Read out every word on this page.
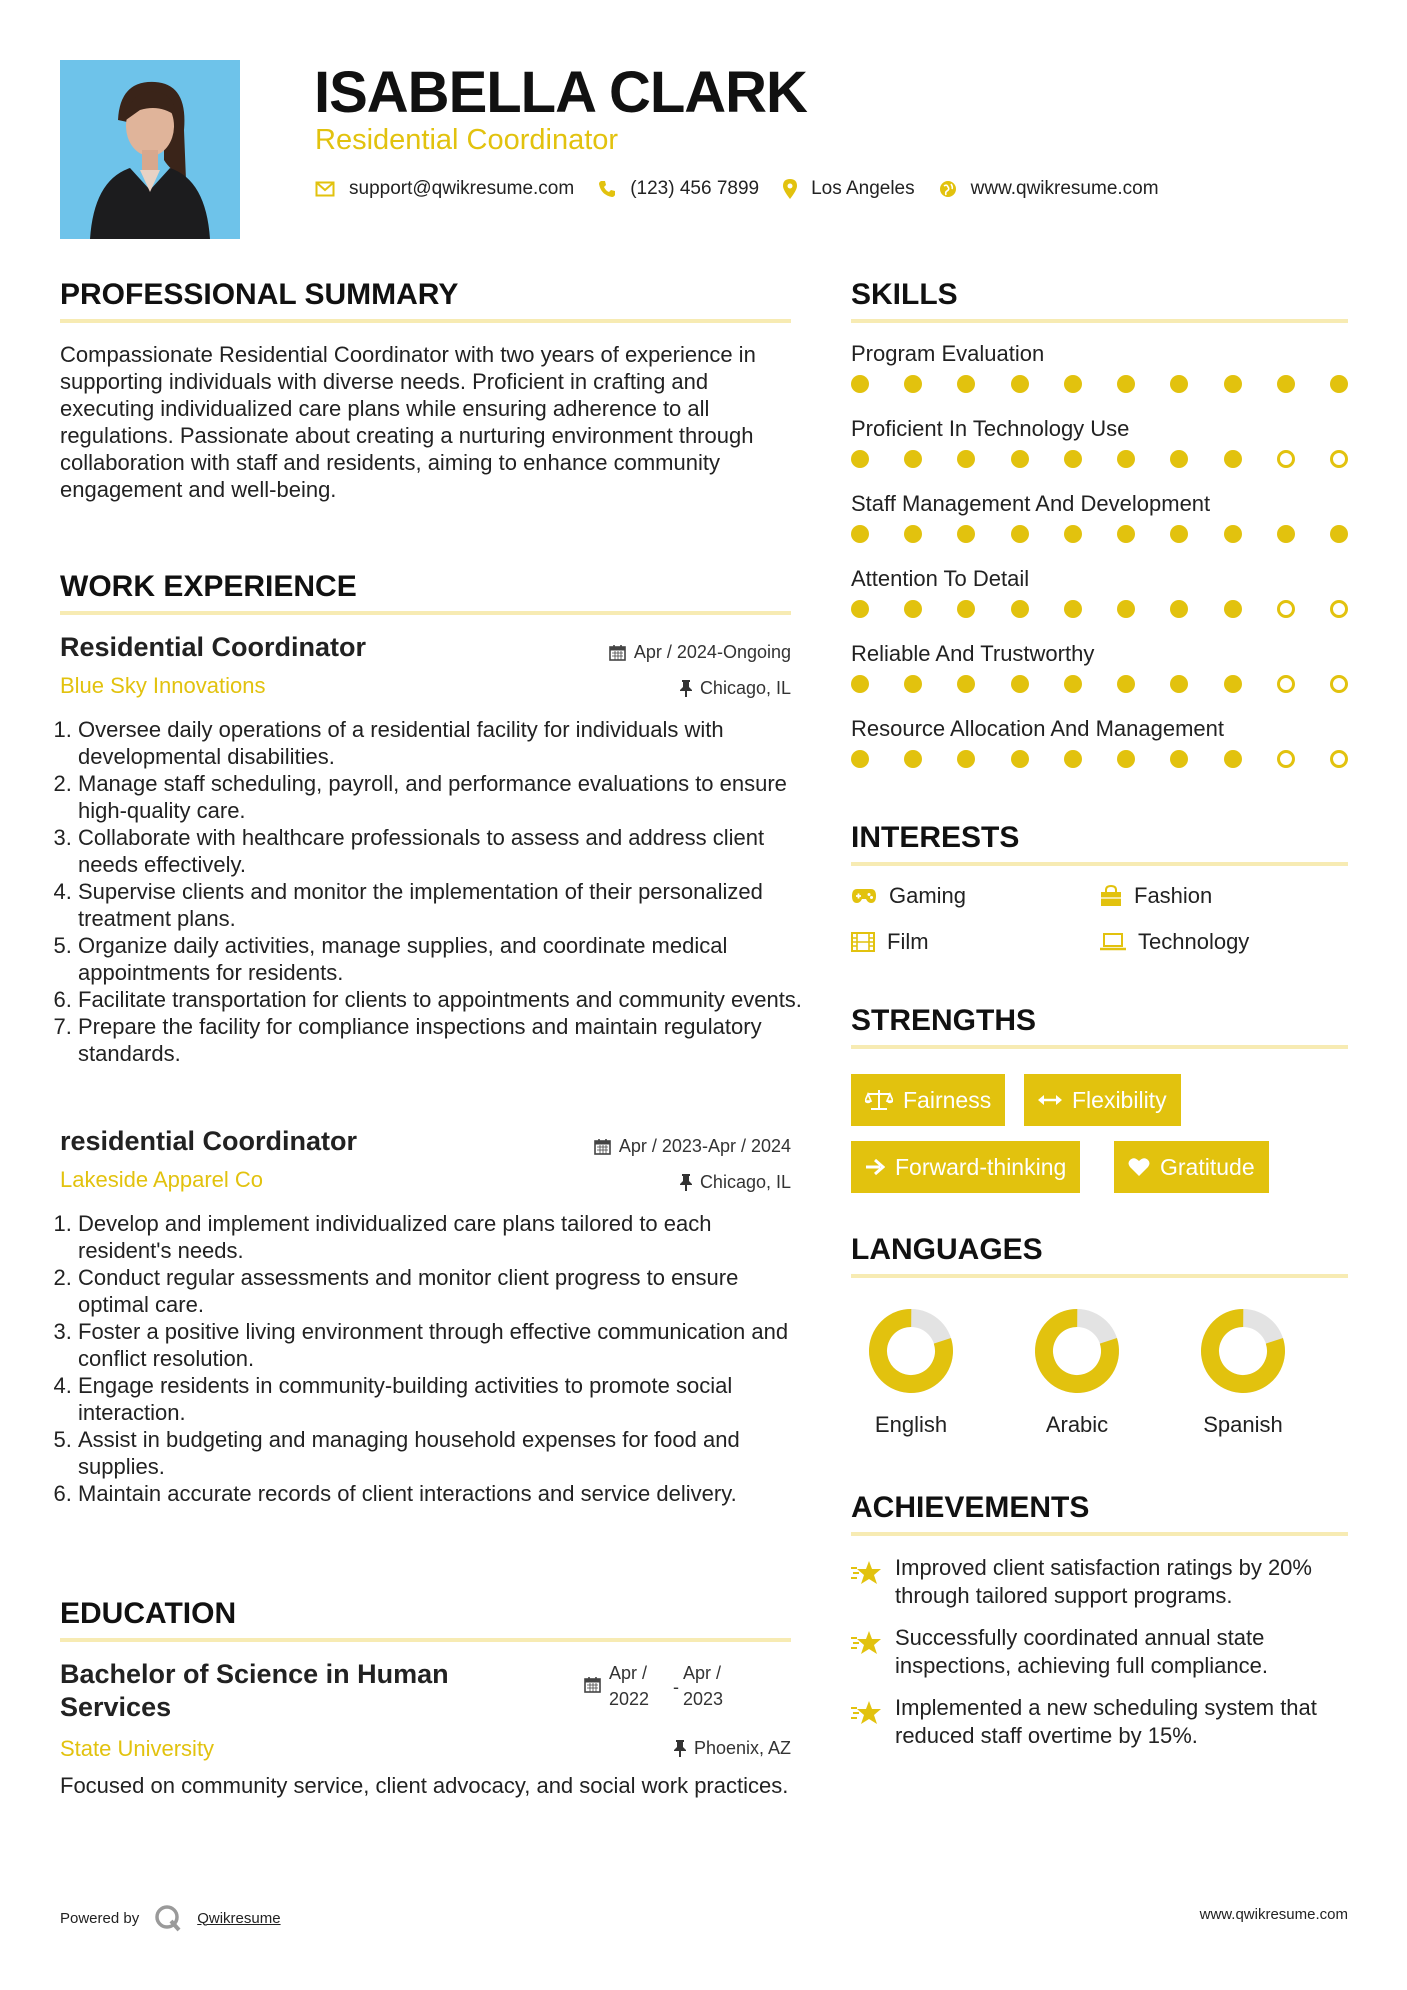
ISABELLA CLARK
Residential Coordinator
support@qwikresume.com	(123) 456 7899	Los Angeles	www.qwikresume.com
PROFESSIONAL SUMMARY
Compassionate Residential Coordinator with two years of experience in supporting individuals with diverse needs. Proficient in crafting and executing individualized care plans while ensuring adherence to all regulations. Passionate about creating a nurturing environment through collaboration with staff and residents, aiming to enhance community engagement and well-being.
WORK EXPERIENCE
Residential Coordinator	Apr / 2024-Ongoing
Blue Sky Innovations	Chicago, IL
1. Oversee daily operations of a residential facility for individuals with developmental disabilities.
2. Manage staff scheduling, payroll, and performance evaluations to ensure high-quality care.
3. Collaborate with healthcare professionals to assess and address client needs effectively.
4. Supervise clients and monitor the implementation of their personalized treatment plans.
5. Organize daily activities, manage supplies, and coordinate medical appointments for residents.
6. Facilitate transportation for clients to appointments and community events.
7. Prepare the facility for compliance inspections and maintain regulatory standards.
residential Coordinator	Apr / 2023-Apr / 2024
Lakeside Apparel Co	Chicago, IL
1. Develop and implement individualized care plans tailored to each resident's needs.
2. Conduct regular assessments and monitor client progress to ensure optimal care.
3. Foster a positive living environment through effective communication and conflict resolution.
4. Engage residents in community-building activities to promote social interaction.
5. Assist in budgeting and managing household expenses for food and supplies.
6. Maintain accurate records of client interactions and service delivery.
EDUCATION
Bachelor of Science in Human Services
Apr /
2022
-
Apr /
2023
State University	Phoenix, AZ
Focused on community service, client advocacy, and social work practices.
SKILLS
Program Evaluation
Proficient In Technology Use
Staff Management And Development
Attention To Detail
Reliable And Trustworthy
Resource Allocation And Management
INTERESTS
Gaming	Fashion
Film	Technology
STRENGTHS
Fairness	Flexibility
Forward-thinking	Gratitude
LANGUAGES
English	Arabic	Spanish
ACHIEVEMENTS
Improved client satisfaction ratings by 20% through tailored support programs.
Successfully coordinated annual state inspections, achieving full compliance.
Implemented a new scheduling system that reduced staff overtime by 15%.
Powered by	Qwikresume	www.qwikresume.com
